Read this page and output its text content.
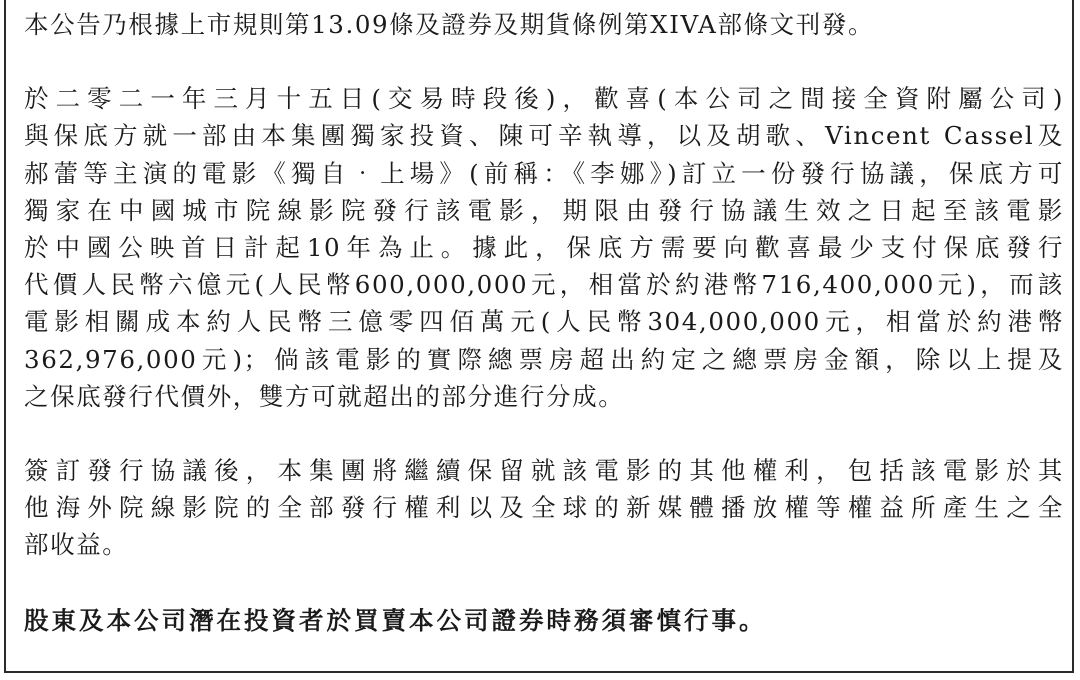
本公告乃根據上市規則第13.09條及證券及期貨條例第XIVA部條文刊發。

於二零二一年三月十五日(交易時段後)，歡喜(本公司之間接全資附屬公司)
與保底方就一部由本集團獨家投資、陳可辛執導，以及胡歌、Vincent Cassel及
郝蕾等主演的電影《獨自‧上場》(前稱：《李娜》)訂立一份發行協議，保底方可
獨家在中國城市院線影院發行該電影，期限由發行協議生效之日起至該電影
於中國公映首日計起10年為止。據此，保底方需要向歡喜最少支付保底發行
代價人民幣六億元(人民幣600,000,000元，相當於約港幣716,400,000元)，而該
電影相關成本約人民幣三億零四佰萬元(人民幣304,000,000元，相當於約港幣
362,976,000元)；倘該電影的實際總票房超出約定之總票房金額，除以上提及
之保底發行代價外，雙方可就超出的部分進行分成。

簽訂發行協議後，本集團將繼續保留就該電影的其他權利，包括該電影於其
他海外院線影院的全部發行權利以及全球的新媒體播放權等權益所產生之全
部收益。

股東及本公司潛在投資者於買賣本公司證券時務須審慎行事。
